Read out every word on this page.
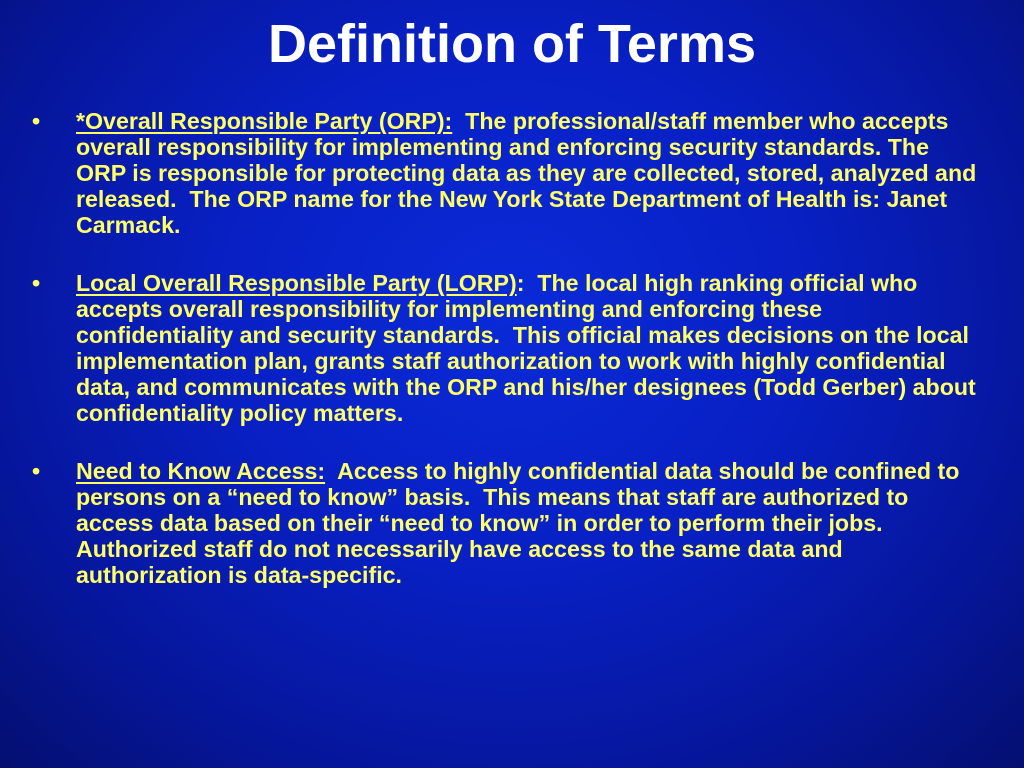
Definition of Terms
•	*Overall Responsible Party (ORP):  The professional/staff member who accepts overall responsibility for implementing and enforcing security standards. The ORP is responsible for protecting data as they are collected, stored, analyzed and released.  The ORP name for the New York State Department of Health is: Janet Carmack.
•	Local Overall Responsible Party (LORP):  The local high ranking official who accepts overall responsibility for implementing and enforcing these confidentiality and security standards.  This official makes decisions on the local implementation plan, grants staff authorization to work with highly confidential data, and communicates with the ORP and his/her designees (Todd Gerber) about confidentiality policy matters.
•	Need to Know Access:  Access to highly confidential data should be confined to persons on a “need to know” basis.  This means that staff are authorized to access data based on their “need to know” in order to perform their jobs.  Authorized staff do not necessarily have access to the same data and authorization is data-specific.
